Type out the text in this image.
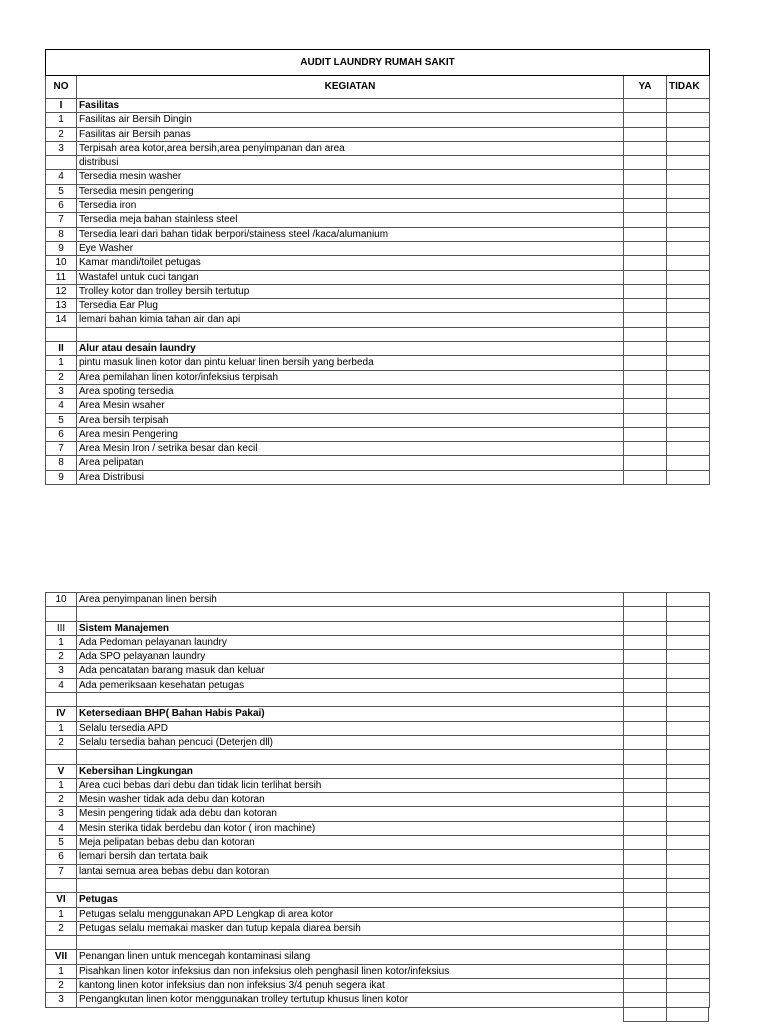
AUDIT LAUNDRY RUMAH SAKIT			
NO	KEGIATAN	YA	TIDAK
I	Fasilitas		
1	Fasilitas air Bersih Dingin		
2	Fasilitas air Bersih panas		
3	Terpisah area kotor,area bersih,area penyimpanan dan area		
	distribusi		
4	Tersedia mesin washer		
5	Tersedia mesin pengering		
6	Tersedia iron		
7	Tersedia meja bahan stainless steel		
8	Tersedia leari dari bahan tidak berpori/stainess steel /kaca/alumanium		
9	Eye Washer		
10	Kamar mandi/toilet petugas		
11	Wastafel untuk cuci tangan		
12	Trolley kotor dan trolley bersih tertutup		
13	Tersedia Ear Plug		
14	lemari bahan kimia tahan air dan api		

II	Alur atau desain laundry		
1	pintu masuk linen kotor dan pintu keluar linen bersih yang berbeda		
2	Area pemilahan linen kotor/infeksius terpisah		
3	Area spoting tersedia		
4	Area Mesin wsaher		
5	Area bersih terpisah		
6	Area mesin Pengering		
7	Area Mesin Iron / setrika besar dan kecil		
8	Area pelipatan		
9	Area Distribusi		
10	Area penyimpanan linen bersih		

III	Sistem Manajemen		
1	Ada Pedoman pelayanan laundry		
2	Ada SPO pelayanan laundry		
3	Ada pencatatan barang masuk dan keluar		
4	Ada pemeriksaan kesehatan petugas		

IV	Ketersediaan BHP( Bahan Habis Pakai)		
1	Selalu tersedia APD		
2	Selalu tersedia bahan pencuci (Deterjen dll)		

V	Kebersihan Lingkungan		
1	Area cuci bebas dari debu dan tidak licin terlihat bersih		
2	Mesin washer tidak ada debu dan kotoran		
3	Mesin pengering tidak ada debu dan kotoran		
4	Mesin sterika tidak berdebu dan kotor ( iron machine)		
5	Meja pelipatan bebas debu dan kotoran		
6	lemari bersih dan tertata baik		
7	lantai semua area bebas debu dan kotoran		

VI	Petugas		
1	Petugas selalu menggunakan APD Lengkap di area kotor		
2	Petugas selalu memakai masker dan tutup kepala diarea bersih		

VII	Penangan linen untuk mencegah kontaminasi silang		
1	Pisahkan linen kotor infeksius dan non infeksius oleh penghasil linen kotor/infeksius		
2	kantong linen kotor infeksius dan non infeksius 3/4 penuh segera ikat		
3	Pengangkutan linen kotor menggunakan trolley tertutup khusus linen kotor		
